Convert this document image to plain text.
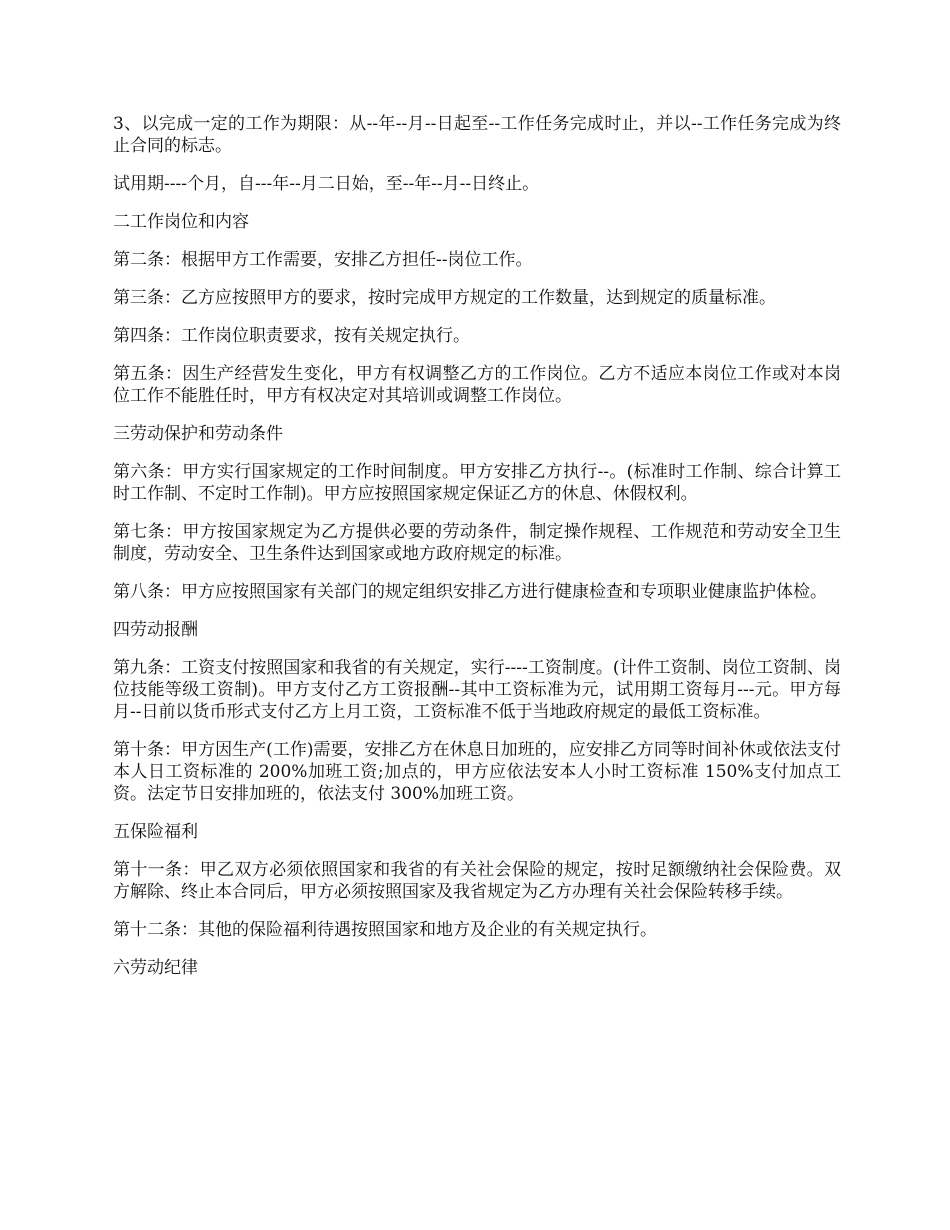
3、以完成一定的工作为期限：从--年--月--日起至--工作任务完成时止，并以--工作任务完成为终止合同的标志。

试用期----个月，自---年--月二日始，至--年--月--日终止。

二工作岗位和内容

第二条：根据甲方工作需要，安排乙方担任--岗位工作。

第三条：乙方应按照甲方的要求，按时完成甲方规定的工作数量，达到规定的质量标准。

第四条：工作岗位职责要求，按有关规定执行。

第五条：因生产经营发生变化，甲方有权调整乙方的工作岗位。乙方不适应本岗位工作或对本岗位工作不能胜任时，甲方有权决定对其培训或调整工作岗位。

三劳动保护和劳动条件

第六条：甲方实行国家规定的工作时间制度。甲方安排乙方执行--。(标准时工作制、综合计算工时工作制、不定时工作制)。甲方应按照国家规定保证乙方的休息、休假权利。

第七条：甲方按国家规定为乙方提供必要的劳动条件，制定操作规程、工作规范和劳动安全卫生制度，劳动安全、卫生条件达到国家或地方政府规定的标准。

第八条：甲方应按照国家有关部门的规定组织安排乙方进行健康检查和专项职业健康监护体检。

四劳动报酬

第九条：工资支付按照国家和我省的有关规定，实行----工资制度。(计件工资制、岗位工资制、岗位技能等级工资制)。甲方支付乙方工资报酬--其中工资标准为元，试用期工资每月---元。甲方每月--日前以货币形式支付乙方上月工资，工资标准不低于当地政府规定的最低工资标准。

第十条：甲方因生产(工作)需要，安排乙方在休息日加班的，应安排乙方同等时间补休或依法支付本人日工资标准的 200%加班工资;加点的，甲方应依法安本人小时工资标准 150%支付加点工资。法定节日安排加班的，依法支付 300%加班工资。

五保险福利

第十一条：甲乙双方必须依照国家和我省的有关社会保险的规定，按时足额缴纳社会保险费。双方解除、终止本合同后，甲方必须按照国家及我省规定为乙方办理有关社会保险转移手续。

第十二条：其他的保险福利待遇按照国家和地方及企业的有关规定执行。

六劳动纪律
